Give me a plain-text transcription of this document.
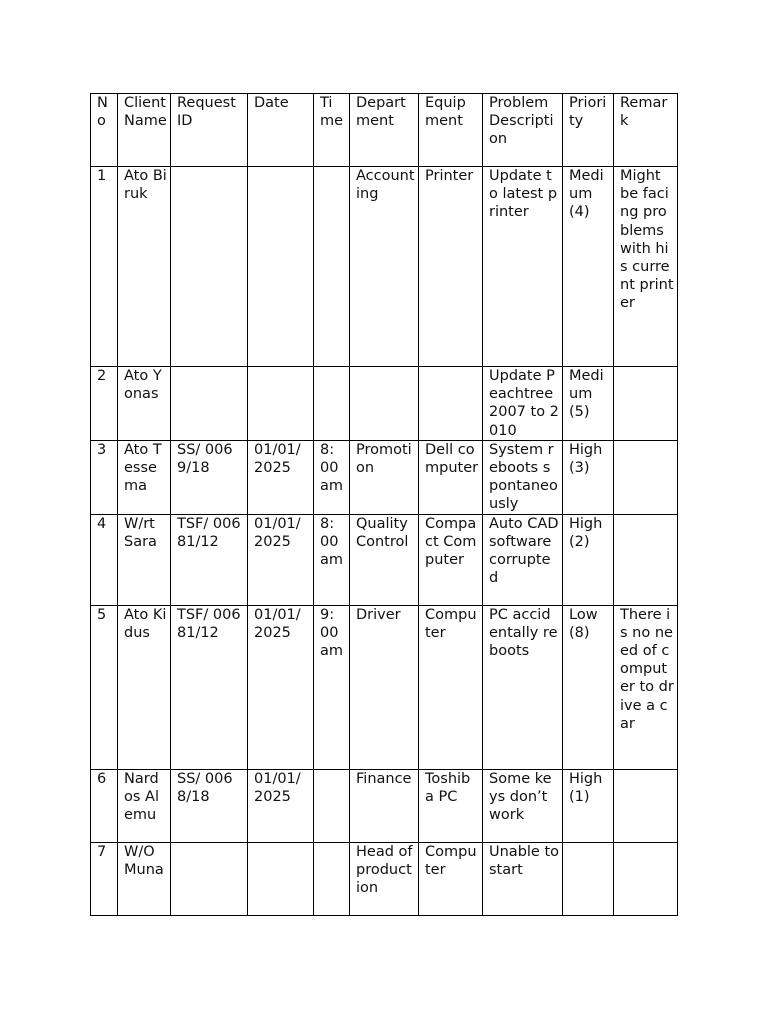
No	Client Name	Request ID	Date	Time	Department	Equipment	Problem Description	Priority	Remark
1	Ato Biruk				Accounting	Printer	Update to latest printer	Medium (4)	Might be facing problems with his current printer
2	Ato Yonas						Update Peachtree 2007 to 2010	Medium (5)	
3	Ato Tessema	SS/ 0069/18	01/01/ 2025	8: 00 am	Promotion	Dell computer	System reboots spontaneously	High (3)	
4	W/rt Sara	TSF/ 00681/12	01/01/ 2025	8: 00 am	Quality Control	Compact Computer	Auto CAD software corrupted	High (2)	
5	Ato Kidus	TSF/ 00681/12	01/01/ 2025	9: 00 am	Driver	Computer	PC accidentally reboots	Low (8)	There is no need of computer to drive a car
6	Nardos Alemu	SS/ 0068/18	01/01/ 2025		Finance	Toshiba PC	Some keys don’t work	High (1)	
7	W/O Muna				Head of production	Computer	Unable to start		
